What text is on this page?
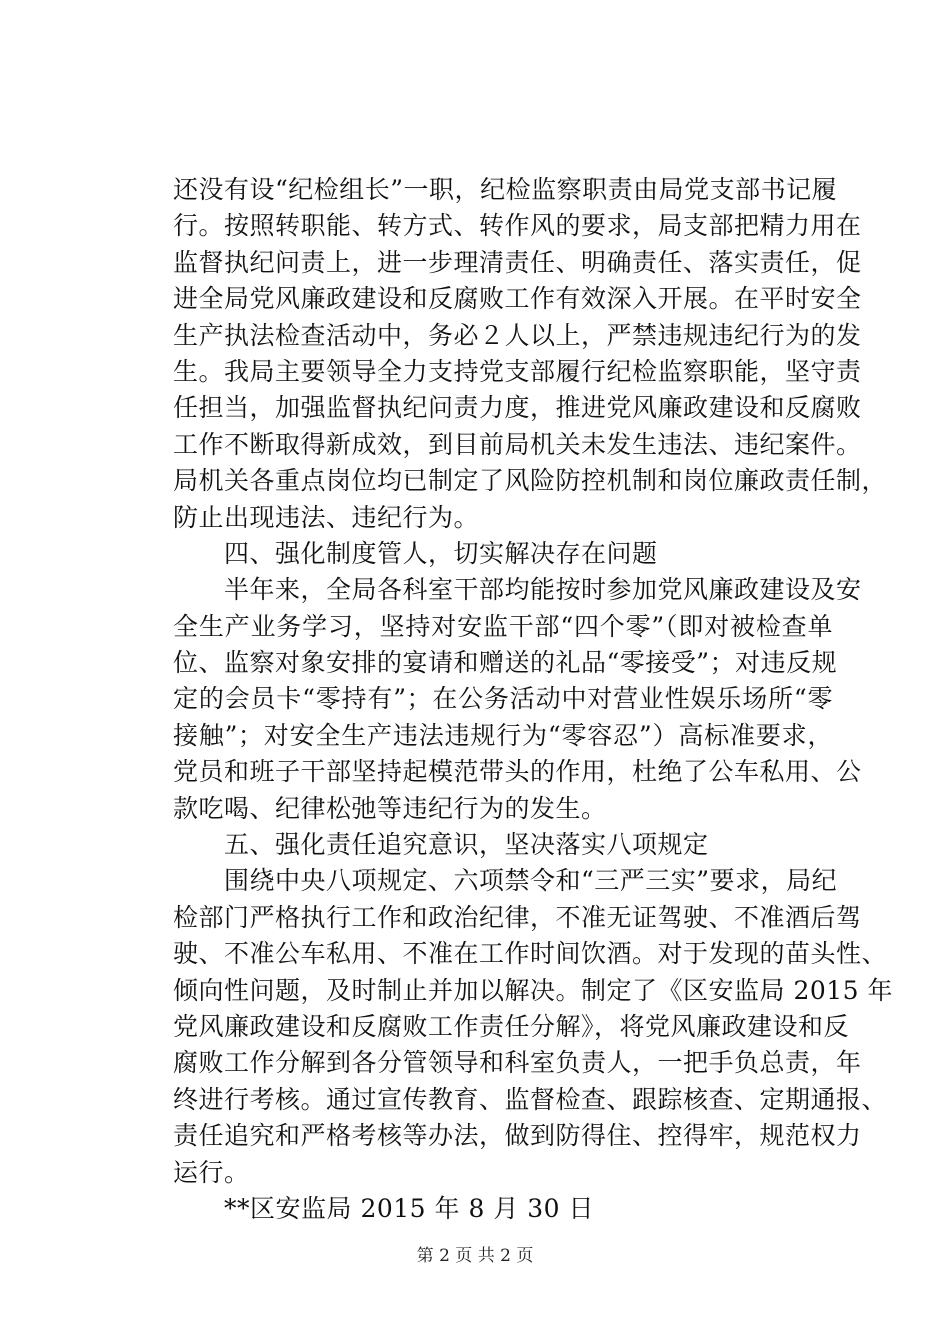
还没有设“纪检组长”一职，纪检监察职责由局党支部书记履
行。按照转职能、转方式、转作风的要求，局支部把精力用在
监督执纪问责上，进一步理清责任、明确责任、落实责任，促
进全局党风廉政建设和反腐败工作有效深入开展。在平时安全
生产执法检查活动中，务必２人以上，严禁违规违纪行为的发
生。我局主要领导全力支持党支部履行纪检监察职能，坚守责
任担当，加强监督执纪问责力度，推进党风廉政建设和反腐败
工作不断取得新成效，到目前局机关未发生违法、违纪案件。
局机关各重点岗位均已制定了风险防控机制和岗位廉政责任制，
防止出现违法、违纪行为。
　　四、强化制度管人，切实解决存在问题
　　半年来，全局各科室干部均能按时参加党风廉政建设及安
全生产业务学习，坚持对安监干部“四个零”（即对被检查单
位、监察对象安排的宴请和赠送的礼品“零接受”；对违反规
定的会员卡“零持有”；在公务活动中对营业性娱乐场所“零
接触”；对安全生产违法违规行为“零容忍”）高标准要求，
党员和班子干部坚持起模范带头的作用，杜绝了公车私用、公
款吃喝、纪律松弛等违纪行为的发生。
　　五、强化责任追究意识，坚决落实八项规定
　　围绕中央八项规定、六项禁令和“三严三实”要求，局纪
检部门严格执行工作和政治纪律，不准无证驾驶、不准酒后驾
驶、不准公车私用、不准在工作时间饮酒。对于发现的苗头性、
倾向性问题，及时制止并加以解决。制定了《区安监局 2015 年
党风廉政建设和反腐败工作责任分解》，将党风廉政建设和反
腐败工作分解到各分管领导和科室负责人，一把手负总责，年
终进行考核。通过宣传教育、监督检查、跟踪核查、定期通报、
责任追究和严格考核等办法，做到防得住、控得牢，规范权力
运行。
　　**区安监局 2015 年 8 月 30 日
第 2 页 共 2 页
